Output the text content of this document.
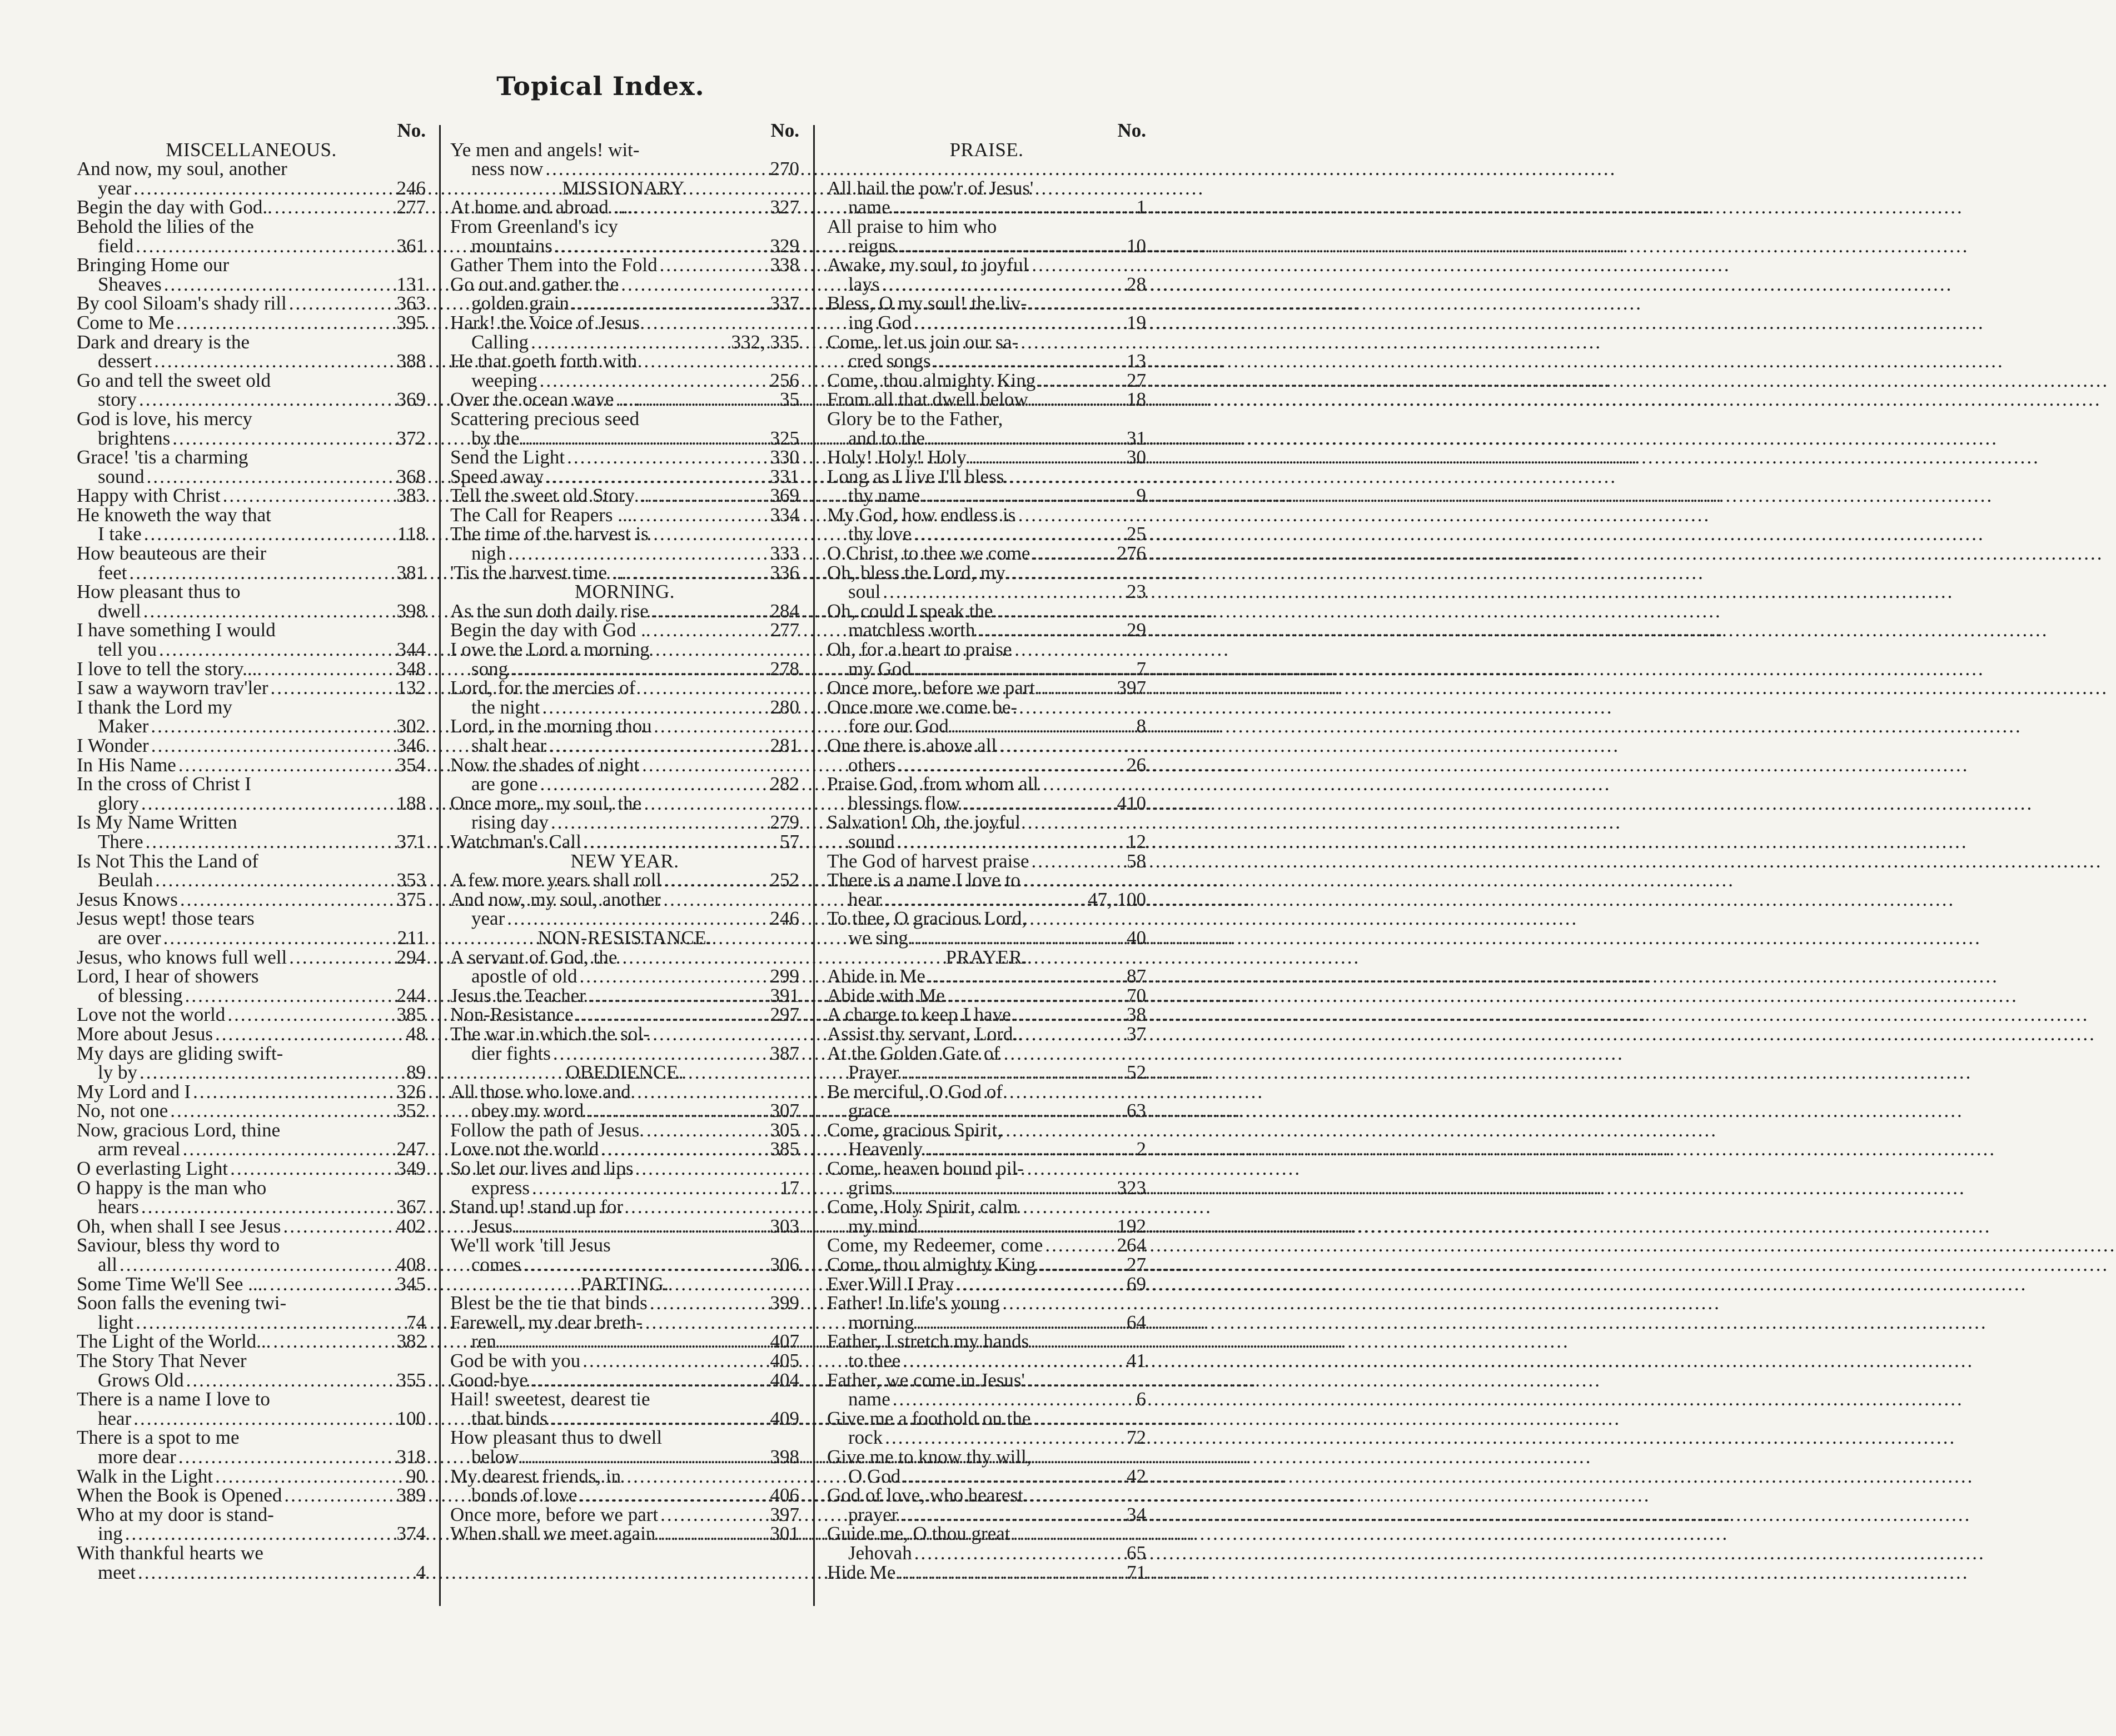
Topical Index.
No.
MISCELLANEOUS.
And now, my soul, another
year .....	246
Begin the day with God.. .....	277
Behold the lilies of the
field .....	361
Bringing Home our
Sheaves .....	131
By cool Siloam's shady rill .....	363
Come to Me .....	395
Dark and dreary is the
dessert .....	388
Go and tell the sweet old
story .....	369
God is love, his mercy
brightens .....	372
Grace! 'tis a charming
sound .....	368
Happy with Christ .....	383
He knoweth the way that
I take .....	118
How beauteous are their
feet .....	381
How pleasant thus to
dwell .....	398
I have something I would
tell you .....	344
I love to tell the story.... .....	348
I saw a wayworn trav'ler .....	132
I thank the Lord my
Maker .....	302
I Wonder .....	346
In His Name .....	354
In the cross of Christ I
glory .....	188
Is My Name Written
There .....	371
Is Not This the Land of
Beulah .....	353
Jesus Knows .....	375
Jesus wept! those tears
are over .....	211
Jesus, who knows full well .....	294
Lord, I hear of showers
of blessing .....	244
Love not the world .....	385
More about Jesus .....	48
My days are gliding swift-
ly by .....	89
My Lord and I .....	326
No, not one .....	352
Now, gracious Lord, thine
arm reveal .....	247
O everlasting Light .....	349
O happy is the man who
hears .....	367
Oh, when shall I see Jesus .....	402
Saviour, bless thy word to
all .....	408
Some Time We'll See .... .....	345
Soon falls the evening twi-
light .....	74
The Light of the World... .....	382
The Story That Never
Grows Old .....	355
There is a name I love to
hear .....	100
There is a spot to me
more dear .....	318
Walk in the Light .....	90
When the Book is Opened .....	389
Who at my door is stand-
ing .....	374
With thankful hearts we
meet .....	4
No.
Ye men and angels! wit-
ness now .....	270
MISSIONARY.
At home and abroad ..... .....	327
From Greenland's icy
mountains .....	329
Gather Them into the Fold .....	338
Go out and gather the
golden grain .....	337
Hark! the Voice of Jesus
Calling .....	332, 335
He that goeth forth with
weeping .....	256
Over the ocean wave ..... .....	35
Scattering precious seed
by the .....	325
Send the Light .....	330
Speed away .....	331
Tell the sweet old Story .. .....	369
The Call for Reapers .... .....	334
The time of the harvest is
nigh .....	333
'Tis the harvest time .... .....	336
MORNING.
As the sun doth daily rise .....	284
Begin the day with God .. .....	277
I owe the Lord a morning
song .....	278
Lord, for the mercies of
the night .....	280
Lord, in the morning thou
shalt hear .....	281
Now the shades of night
are gone .....	282
Once more, my soul, the
rising day .....	279
Watchman's Call .....	57
NEW YEAR.
A few more years shall roll .....	252
And now, my soul, another
year .....	246
NON-RESISTANCE.
A servant of God, the
apostle of old .....	299
Jesus the Teacher .....	391
Non-Resistance .....	297
The war in which the sol-
dier fights .....	387
OBEDIENCE.
All those who love and
obey my word .....	307
Follow the path of Jesus. .....	305
Love not the world .....	385
So let our lives and lips
express .....	17
Stand up! stand up for
Jesus .....	303
We'll work 'till Jesus
comes .....	306
PARTING.
Blest be the tie that binds .....	399
Farewell, my dear breth-
ren .....	407
God be with you .....	405
Good-bye .....	404
Hail! sweetest, dearest tie
that binds .....	409
How pleasant thus to dwell
below .....	398
My dearest friends, in
bonds of love .....	406
Once more, before we part .....	397
When shall we meet again .....	301
No.
PRAISE.
All hail the pow'r of Jesus'
name .....	1
All praise to him who
reigns .....	10
Awake, my soul, to joyful
lays .....	28
Bless, O my soul! the liv-
ing God .....	19
Come, let us join our sa-
cred songs .....	13
Come, thou almighty King .....	27
From all that dwell below .....	18
Glory be to the Father,
and to the .....	31
Holy! Holy! Holy .....	30
Long as I live I'll bless
thy name .....	9
My God, how endless is
thy love .....	25
O Christ, to thee we come .....	276
Oh, bless the Lord, my
soul .....	23
Oh, could I speak the
matchless worth .....	29
Oh, for a heart to praise
my God .....	7
Once more, before we part .....	397
Once more we come be-
fore our God .....	8
One there is above all
others .....	26
Praise God, from whom all
blessings flow .....	410
Salvation! Oh, the joyful
sound .....	12
The God of harvest praise .....	58
There is a name I love to
hear .....	47, 100
To thee, O gracious Lord,
we sing .....	40
PRAYER.
Abide in Me .....	87
Abide with Me .....	70
A charge to keep I have. .....	38
Assist thy servant, Lord.. .....	37
At the Golden Gate of
Prayer .....	52
Be merciful, O God of
grace .....	63
Come, gracious Spirit,
Heavenly .....	2
Come, heaven bound pil-
grims .....	323
Come, Holy Spirit, calm
my mind .....	192
Come, my Redeemer, come .....	264
Come, thou almighty King .....	27
Ever Will I Pray .....	69
Father! In life's young
morning .....	64
Father, I stretch my hands
to thee .....	41
Father, we come in Jesus'
name .....	6
Give me a foothold on the
rock .....	72
Give me to know thy will,
O God .....	42
God of love, who hearest
prayer .....	34
Guide me, O thou great
Jehovah .....	65
Hide Me .....	71
